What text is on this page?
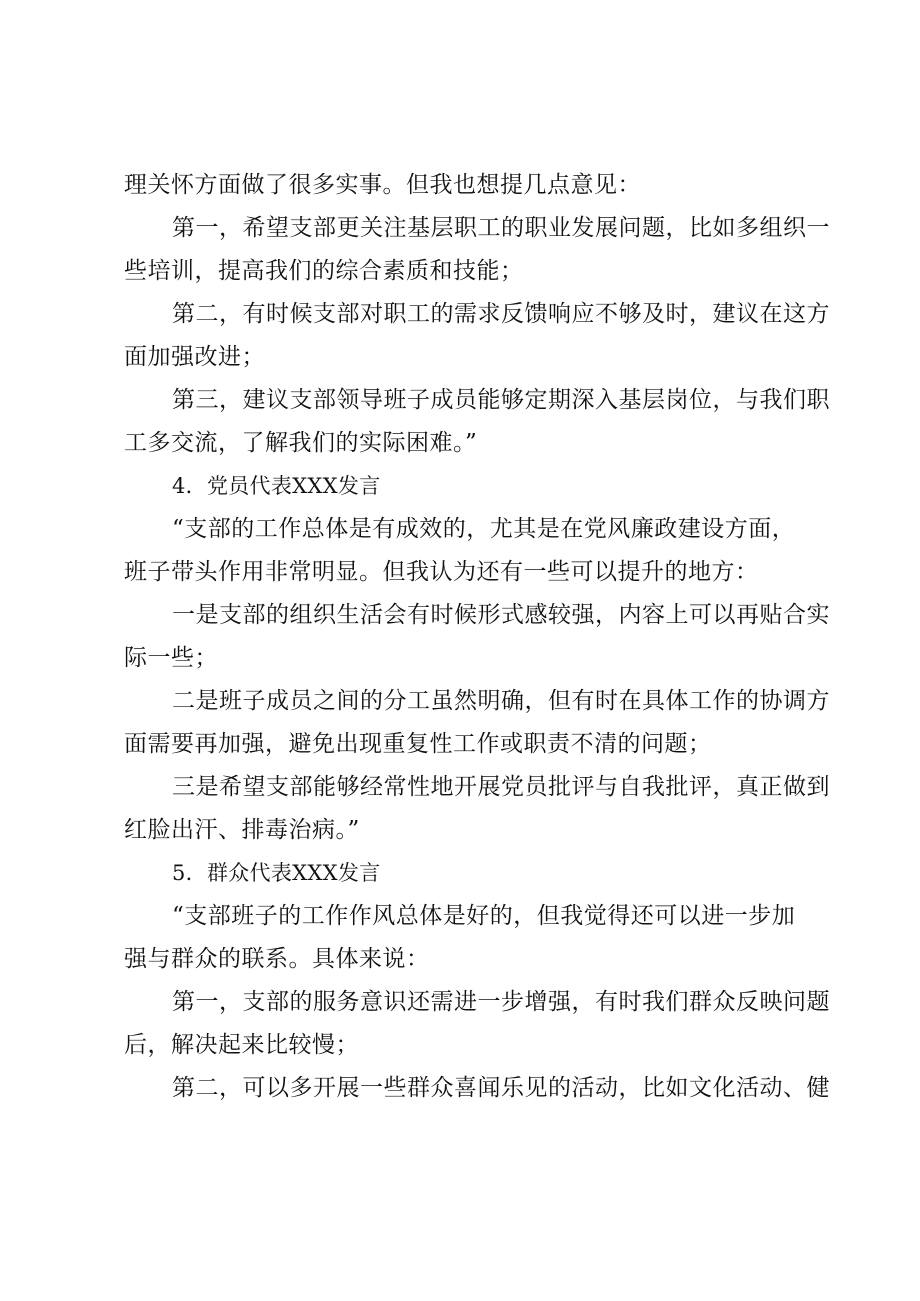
理关怀方面做了很多实事。但我也想提几点意见：
第一，希望支部更关注基层职工的职业发展问题，比如多组织一
些培训，提高我们的综合素质和技能；
第二，有时候支部对职工的需求反馈响应不够及时，建议在这方
面加强改进；
第三，建议支部领导班子成员能够定期深入基层岗位，与我们职
工多交流，了解我们的实际困难。”
4．党员代表XXX发言
“支部的工作总体是有成效的，尤其是在党风廉政建设方面，
班子带头作用非常明显。但我认为还有一些可以提升的地方：
一是支部的组织生活会有时候形式感较强，内容上可以再贴合实
际一些；
二是班子成员之间的分工虽然明确，但有时在具体工作的协调方
面需要再加强，避免出现重复性工作或职责不清的问题；
三是希望支部能够经常性地开展党员批评与自我批评，真正做到
红脸出汗、排毒治病。”
5．群众代表XXX发言
“支部班子的工作作风总体是好的，但我觉得还可以进一步加
强与群众的联系。具体来说：
第一，支部的服务意识还需进一步增强，有时我们群众反映问题
后，解决起来比较慢；
第二，可以多开展一些群众喜闻乐见的活动，比如文化活动、健
